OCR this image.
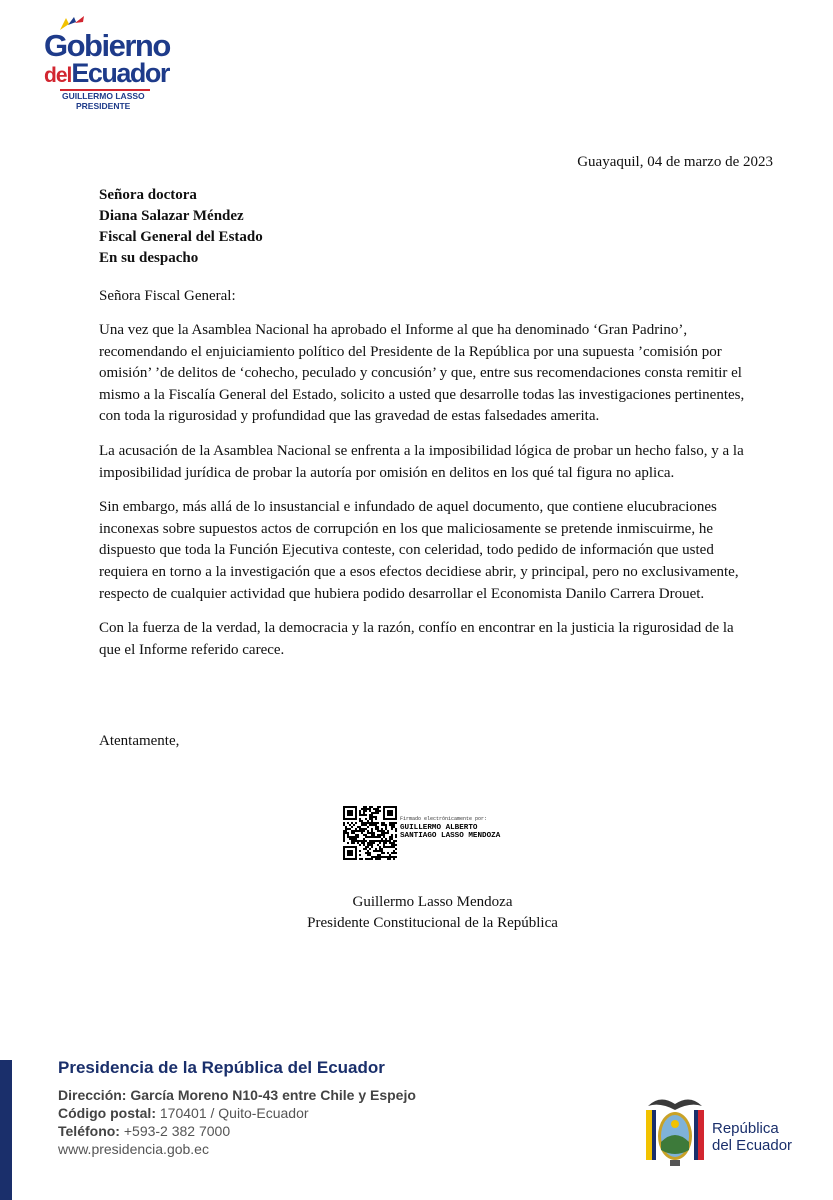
Gobierno
delEcuador
GUILLERMO LASSO
PRESIDENTE
Guayaquil, 04 de marzo de 2023
Señora doctora
Diana Salazar Méndez
Fiscal General del Estado
En su despacho
Señora Fiscal General:

Una vez que la Asamblea Nacional ha aprobado el Informe al que ha denominado ‘Gran Padrino’, recomendando el enjuiciamiento político del Presidente de la República por una supuesta ’comisión por omisión’ ’de delitos de ‘cohecho, peculado y concusión’ y que, entre sus recomendaciones consta remitir el mismo a la Fiscalía General del Estado, solicito a usted que desarrolle todas las investigaciones pertinentes, con toda la rigurosidad y profundidad que las gravedad de estas falsedades amerita.

La acusación de la Asamblea Nacional se enfrenta a la imposibilidad lógica de probar un hecho falso, y a la imposibilidad jurídica de probar la autoría por omisión en delitos en los qué tal figura no aplica.

Sin embargo, más allá de lo insustancial e infundado de aquel documento, que contiene elucubraciones inconexas sobre supuestos actos de corrupción en los que maliciosamente se pretende inmiscuirme, he dispuesto que toda la Función Ejecutiva conteste, con celeridad, todo pedido de información que usted requiera en torno a la investigación que a esos efectos decidiese abrir, y principal, pero no exclusivamente, respecto de cualquier actividad que hubiera podido desarrollar el Economista Danilo Carrera Drouet.

Con la fuerza de la verdad, la democracia y la razón, confío en encontrar en la justicia la rigurosidad de la que el Informe referido carece.

Atentamente,
Firmado electrónicamente por:
GUILLERMO ALBERTO SANTIAGO LASSO MENDOZA
Guillermo Lasso Mendoza
Presidente Constitucional de la República
Presidencia de la República del Ecuador
Dirección: García Moreno N10-43 entre Chile y Espejo
Código postal: 170401 / Quito-Ecuador
Teléfono: +593-2 382 7000
www.presidencia.gob.ec
República
del Ecuador
